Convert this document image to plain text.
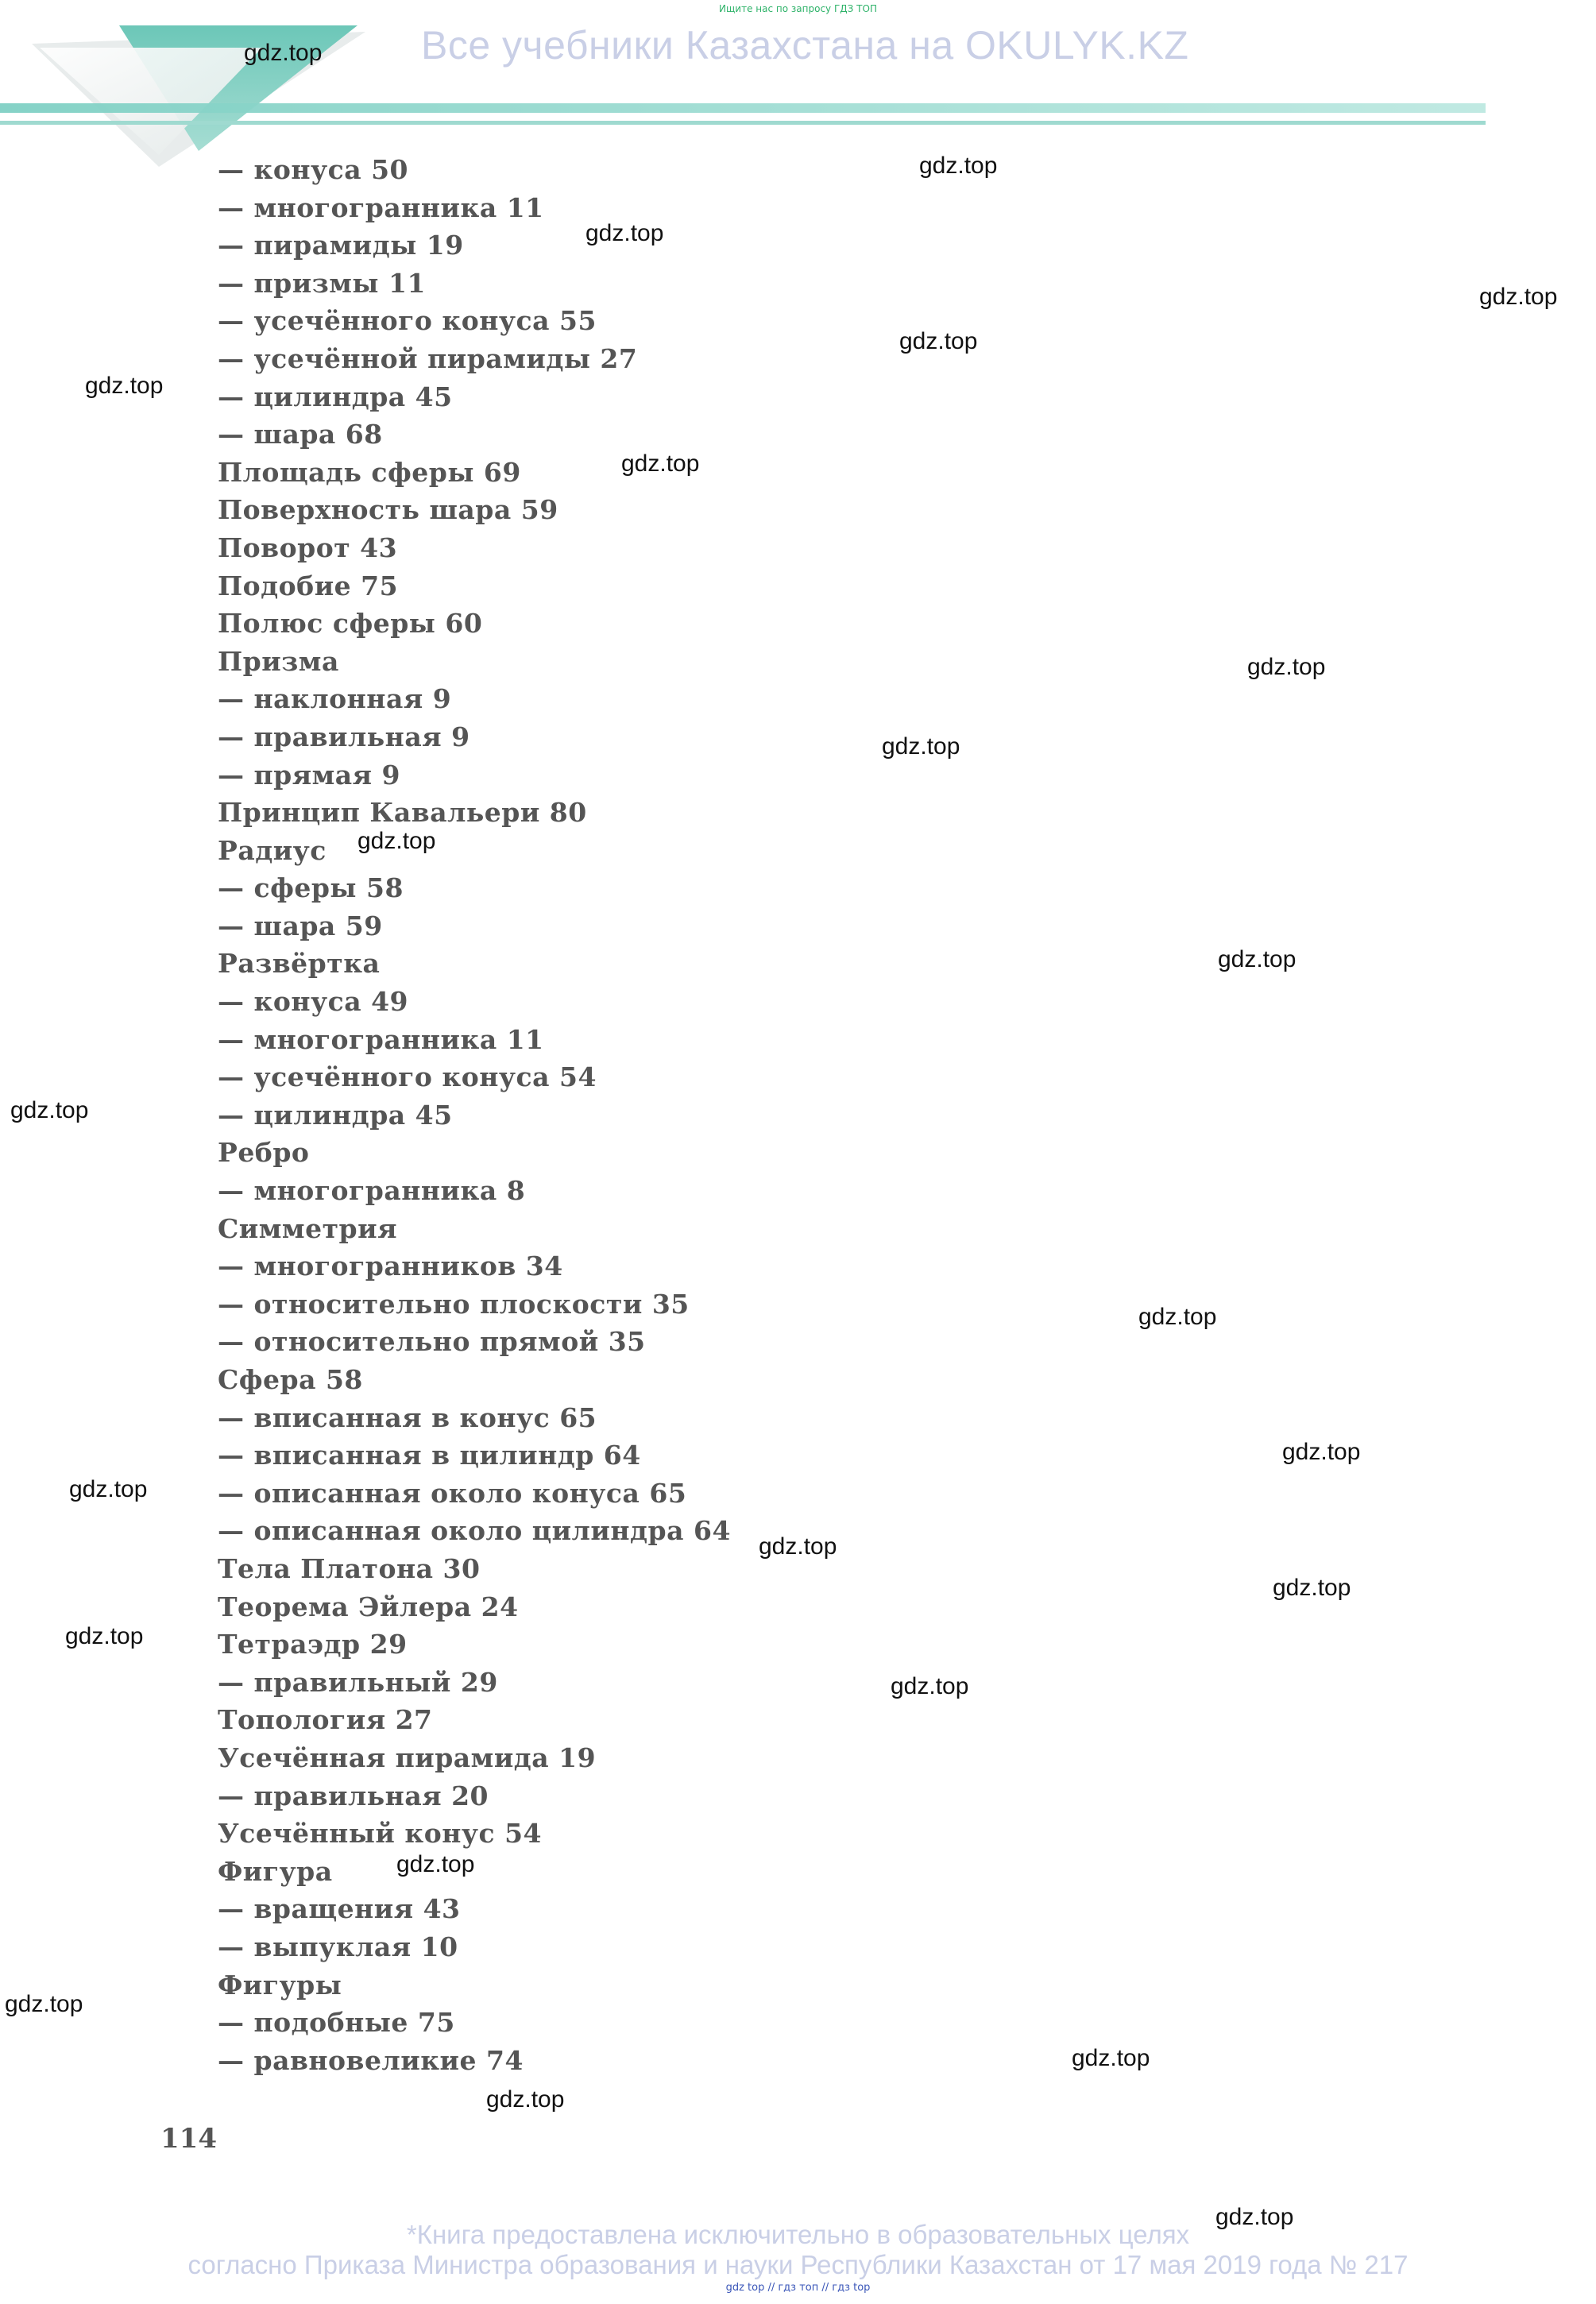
Ищите нас по запросу ГДЗ ТОП
Все учебники Казахстана на OKULYK.KZ
— конуса 50
— многогранника 11
— пирамиды 19
— призмы 11
— усечённого конуса 55
— усечённой пирамиды 27
— цилиндра 45
— шара 68
Площадь сферы 69
Поверхность шара 59
Поворот 43
Подобие 75
Полюс сферы 60
Призма
— наклонная 9
— правильная 9
— прямая 9
Принцип Кавальери 80
Радиус
— сферы 58
— шара 59
Развёртка
— конуса 49
— многогранника 11
— усечённого конуса 54
— цилиндра 45
Ребро
— многогранника 8
Симметрия
— многогранников 34
— относительно плоскости 35
— относительно прямой 35
Сфера 58
— вписанная в конус 65
— вписанная в цилиндр 64
— описанная около конуса 65
— описанная около цилиндра 64
Тела Платона 30
Теорема Эйлера 24
Тетраэдр 29
— правильный 29
Топология 27
Усечённая пирамида 19
— правильная 20
Усечённый конус 54
Фигура
— вращения 43
— выпуклая 10
Фигуры
— подобные 75
— равновеликие 74
114
gdz.top
gdz.top
gdz.top
gdz.top
gdz.top
gdz.top
gdz.top
gdz.top
gdz.top
gdz.top
gdz.top
gdz.top
gdz.top
gdz.top
gdz.top
gdz.top
gdz.top
gdz.top
gdz.top
gdz.top
gdz.top
gdz.top
gdz.top
gdz.top
*Книга предоставлена исключительно в образовательных целях
согласно Приказа Министра образования и науки Республики Казахстан от 17 мая 2019 года № 217
gdz top // гдз топ // гдз top
